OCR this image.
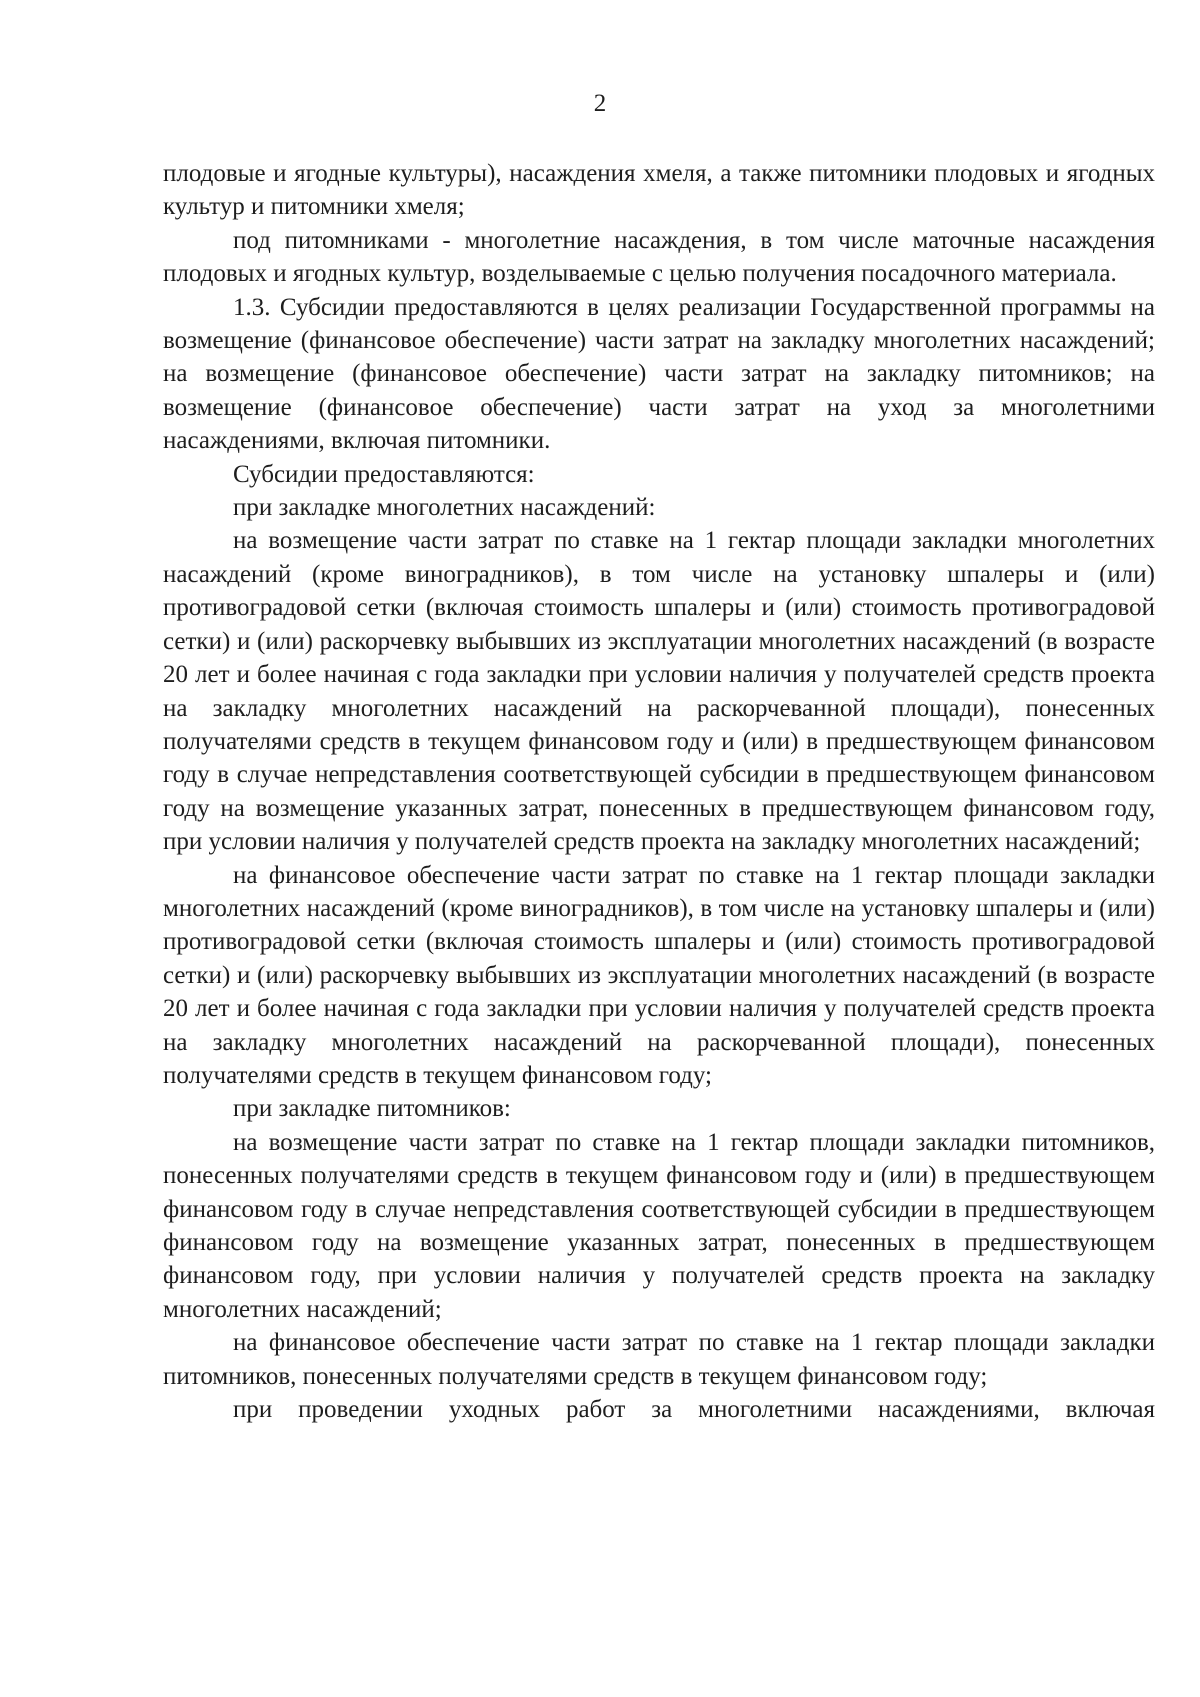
2

плодовые и ягодные культуры), насаждения хмеля, а также питомники плодовых и ягодных культур и питомники хмеля;

под питомниками - многолетние насаждения, в том числе маточные насаждения плодовых и ягодных культур, возделываемые с целью получения посадочного материала.

1.3. Субсидии предоставляются в целях реализации Государственной программы на возмещение (финансовое обеспечение) части затрат на закладку многолетних насаждений; на возмещение (финансовое обеспечение) части затрат на закладку питомников; на возмещение (финансовое обеспечение) части затрат на уход за многолетними насаждениями, включая питомники.

Субсидии предоставляются:

при закладке многолетних насаждений:

на возмещение части затрат по ставке на 1 гектар площади закладки многолетних насаждений (кроме виноградников), в том числе на установку шпалеры и (или) противоградовой сетки (включая стоимость шпалеры и (или) стоимость противоградовой сетки) и (или) раскорчевку выбывших из эксплуатации многолетних насаждений (в возрасте 20 лет и более начиная с года закладки при условии наличия у получателей средств проекта на закладку многолетних насаждений на раскорчеванной площади), понесенных получателями средств в текущем финансовом году и (или) в предшествующем финансовом году в случае непредставления соответствующей субсидии в предшествующем финансовом году на возмещение указанных затрат, понесенных в предшествующем финансовом году, при условии наличия у получателей средств проекта на закладку многолетних насаждений;

на финансовое обеспечение части затрат по ставке на 1 гектар площади закладки многолетних насаждений (кроме виноградников), в том числе на установку шпалеры и (или) противоградовой сетки (включая стоимость шпалеры и (или) стоимость противоградовой сетки) и (или) раскорчевку выбывших из эксплуатации многолетних насаждений (в возрасте 20 лет и более начиная с года закладки при условии наличия у получателей средств проекта на закладку многолетних насаждений на раскорчеванной площади), понесенных получателями средств в текущем финансовом году;

при закладке питомников:

на возмещение части затрат по ставке на 1 гектар площади закладки питомников, понесенных получателями средств в текущем финансовом году и (или) в предшествующем финансовом году в случае непредставления соответствующей субсидии в предшествующем финансовом году на возмещение указанных затрат, понесенных в предшествующем финансовом году, при условии наличия у получателей средств проекта на закладку многолетних насаждений;

на финансовое обеспечение части затрат по ставке на 1 гектар площади закладки питомников, понесенных получателями средств в текущем финансовом году;

при проведении уходных работ за многолетними насаждениями, включая
